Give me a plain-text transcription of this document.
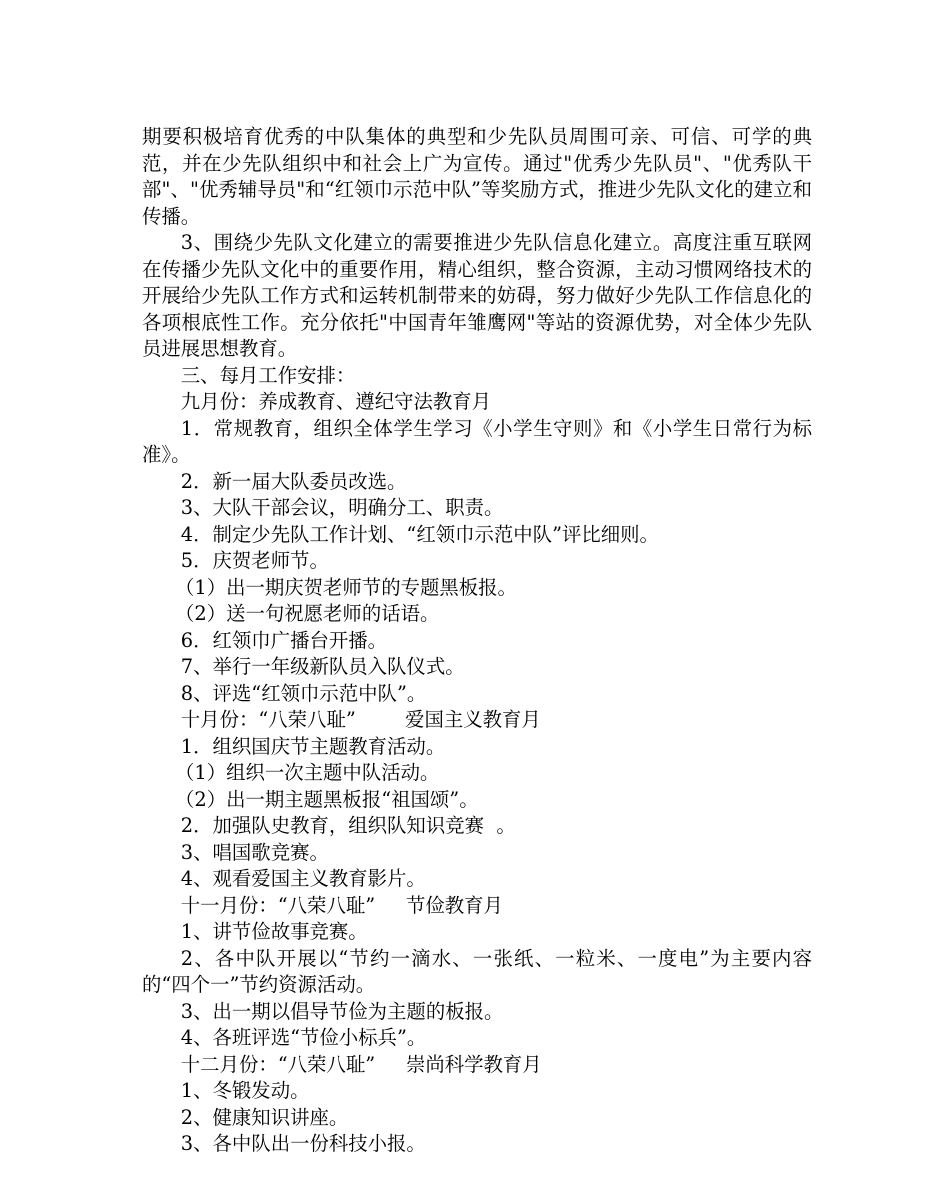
期要积极培育优秀的中队集体的典型和少先队员周围可亲、可信、可学的典范，并在少先队组织中和社会上广为宣传。通过"优秀少先队员"、"优秀队干部"、"优秀辅导员"和“红领巾示范中队”等奖励方式，推进少先队文化的建立和传播。

3、围绕少先队文化建立的需要推进少先队信息化建立。高度注重互联网在传播少先队文化中的重要作用，精心组织，整合资源，主动习惯网络技术的开展给少先队工作方式和运转机制带来的妨碍，努力做好少先队工作信息化的各项根底性工作。充分依托"中国青年雏鹰网"等站的资源优势，对全体少先队员进展思想教育。

三、每月工作安排：

九月份：养成教育、遵纪守法教育月

1．常规教育，组织全体学生学习《小学生守则》和《小学生日常行为标准》。

2．新一届大队委员改选。

3、大队干部会议，明确分工、职责。

4．制定少先队工作计划、“红领巾示范中队”评比细则。

5．庆贺老师节。

（1）出一期庆贺老师节的专题黑板报。

（2）送一句祝愿老师的话语。

6．红领巾广播台开播。

7、举行一年级新队员入队仪式。

8、评选“红领巾示范中队”。

十月份：“八荣八耻”        爱国主义教育月

1．组织国庆节主题教育活动。

（1）组织一次主题中队活动。

（2）出一期主题黑板报“祖国颂”。

2．加强队史教育，组织队知识竞赛  。

3、唱国歌竞赛。

4、观看爱国主义教育影片。

十一月份：“八荣八耻”     节俭教育月

1、讲节俭故事竞赛。

2、各中队开展以“节约一滴水、一张纸、一粒米、一度电”为主要内容的“四个一”节约资源活动。

3、出一期以倡导节俭为主题的板报。

4、各班评选“节俭小标兵”。

十二月份：“八荣八耻”     崇尚科学教育月

1、冬锻发动。

2、健康知识讲座。

3、各中队出一份科技小报。
